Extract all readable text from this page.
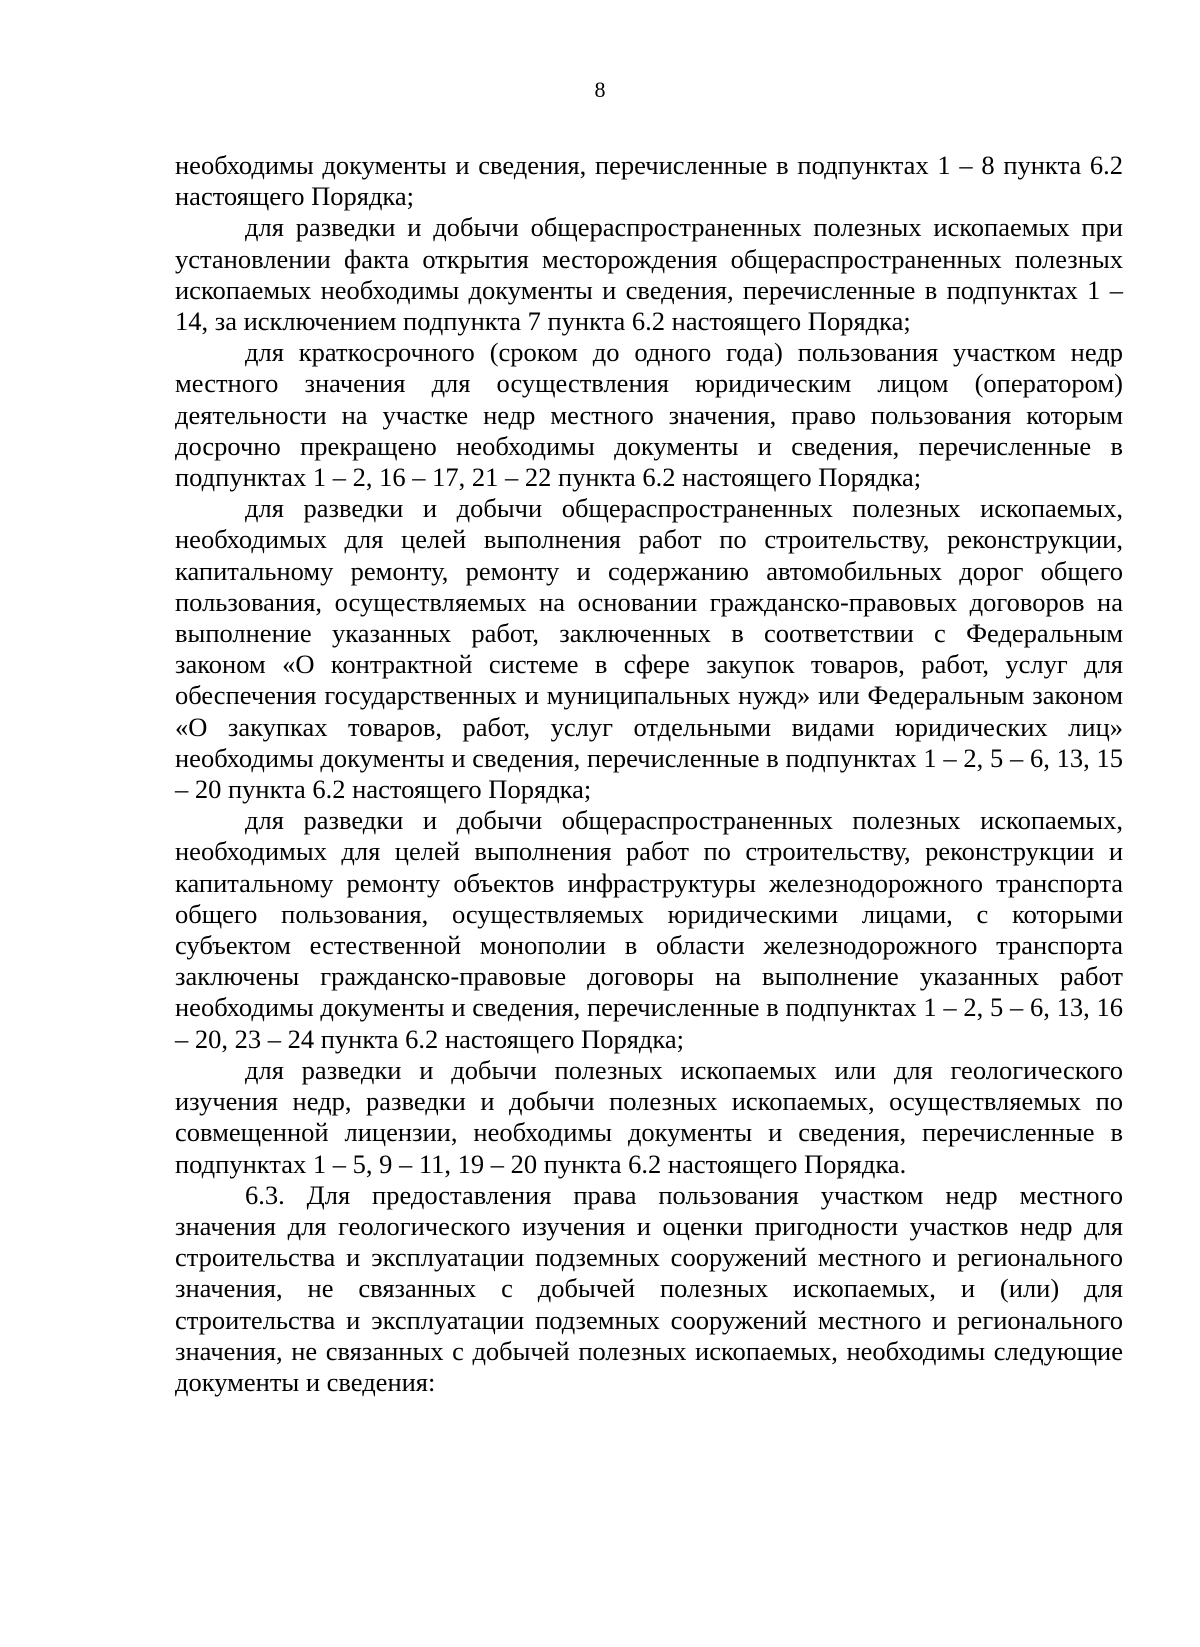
8

необходимы документы и сведения, перечисленные в подпунктах 1 – 8 пункта 6.2 настоящего Порядка;

для разведки и добычи общераспространенных полезных ископаемых при установлении факта открытия месторождения общераспространенных полезных ископаемых необходимы документы и сведения, перечисленные в подпунктах 1 – 14, за исключением подпункта 7 пункта 6.2 настоящего Порядка;

для краткосрочного (сроком до одного года) пользования участком недр местного значения для осуществления юридическим лицом (оператором) деятельности на участке недр местного значения, право пользования которым досрочно прекращено необходимы документы и сведения, перечисленные в подпунктах 1 – 2, 16 – 17, 21 – 22 пункта 6.2 настоящего Порядка;

для разведки и добычи общераспространенных полезных ископаемых, необходимых для целей выполнения работ по строительству, реконструкции, капитальному ремонту, ремонту и содержанию автомобильных дорог общего пользования, осуществляемых на основании гражданско-правовых договоров на выполнение указанных работ, заключенных в соответствии с Федеральным законом «О контрактной системе в сфере закупок товаров, работ, услуг для обеспечения государственных и муниципальных нужд» или Федеральным законом «О закупках товаров, работ, услуг отдельными видами юридических лиц» необходимы документы и сведения, перечисленные в подпунктах 1 – 2, 5 – 6, 13, 15 – 20 пункта 6.2 настоящего Порядка;

для разведки и добычи общераспространенных полезных ископаемых, необходимых для целей выполнения работ по строительству, реконструкции и капитальному ремонту объектов инфраструктуры железнодорожного транспорта общего пользования, осуществляемых юридическими лицами, с которыми субъектом естественной монополии в области железнодорожного транспорта заключены гражданско-правовые договоры на выполнение указанных работ необходимы документы и сведения, перечисленные в подпунктах 1 – 2, 5 – 6, 13, 16 – 20, 23 – 24 пункта 6.2 настоящего Порядка;

для разведки и добычи полезных ископаемых или для геологического изучения недр, разведки и добычи полезных ископаемых, осуществляемых по совмещенной лицензии, необходимы документы и сведения, перечисленные в подпунктах 1 – 5, 9 – 11, 19 – 20 пункта 6.2 настоящего Порядка.

6.3. Для предоставления права пользования участком недр местного значения для геологического изучения и оценки пригодности участков недр для строительства и эксплуатации подземных сооружений местного и регионального значения, не связанных с добычей полезных ископаемых, и (или) для строительства и эксплуатации подземных сооружений местного и регионального значения, не связанных с добычей полезных ископаемых, необходимы следующие документы и сведения:
